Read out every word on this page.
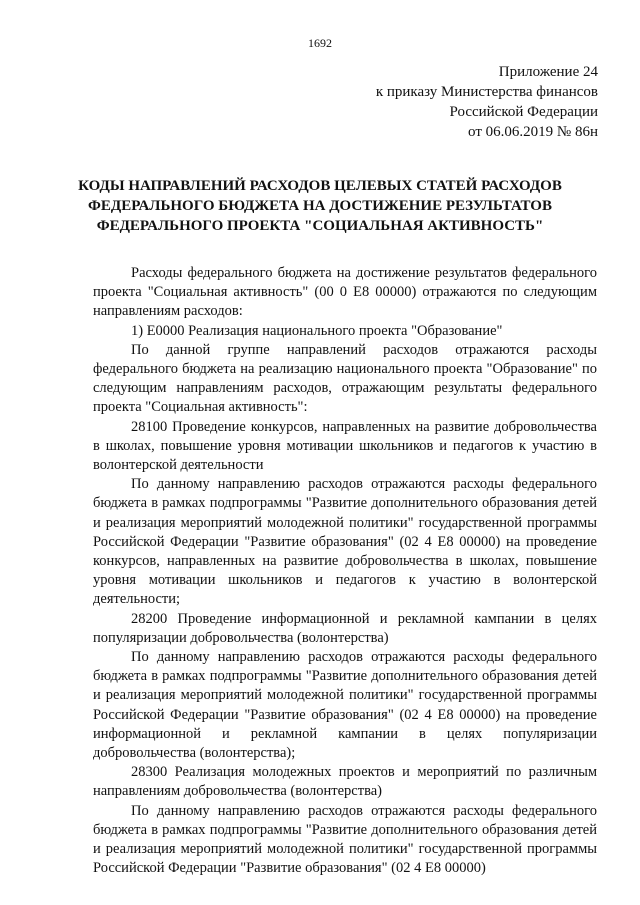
1692
Приложение 24
к приказу Министерства финансов
Российской Федерации
от 06.06.2019 № 86н
КОДЫ НАПРАВЛЕНИЙ РАСХОДОВ ЦЕЛЕВЫХ СТАТЕЙ РАСХОДОВ ФЕДЕРАЛЬНОГО БЮДЖЕТА НА ДОСТИЖЕНИЕ РЕЗУЛЬТАТОВ ФЕДЕРАЛЬНОГО ПРОЕКТА "СОЦИАЛЬНАЯ АКТИВНОСТЬ"

Расходы федерального бюджета на достижение результатов федерального проекта "Социальная активность" (00 0 Е8 00000) отражаются по следующим направлениям расходов:

1) Е0000 Реализация национального проекта "Образование"

По данной группе направлений расходов отражаются расходы федерального бюджета на реализацию национального проекта "Образование" по следующим направлениям расходов, отражающим результаты федерального проекта "Социальная активность":

28100 Проведение конкурсов, направленных на развитие добровольчества в школах, повышение уровня мотивации школьников и педагогов к участию в волонтерской деятельности

По данному направлению расходов отражаются расходы федерального бюджета в рамках подпрограммы "Развитие дополнительного образования детей и реализация мероприятий молодежной политики" государственной программы Российской Федерации "Развитие образования" (02 4 Е8 00000) на проведение конкурсов, направленных на развитие добровольчества в школах, повышение уровня мотивации школьников и педагогов к участию в волонтерской деятельности;

28200 Проведение информационной и рекламной кампании в целях популяризации добровольчества (волонтерства)

По данному направлению расходов отражаются расходы федерального бюджета в рамках подпрограммы "Развитие дополнительного образования детей и реализация мероприятий молодежной политики" государственной программы Российской Федерации "Развитие образования" (02 4 Е8 00000) на проведение информационной и рекламной кампании в целях популяризации добровольчества (волонтерства);

28300 Реализация молодежных проектов и мероприятий по различным направлениям добровольчества (волонтерства)

По данному направлению расходов отражаются расходы федерального бюджета в рамках подпрограммы "Развитие дополнительного образования детей и реализация мероприятий молодежной политики" государственной программы Российской Федерации "Развитие образования" (02 4 Е8 00000)
